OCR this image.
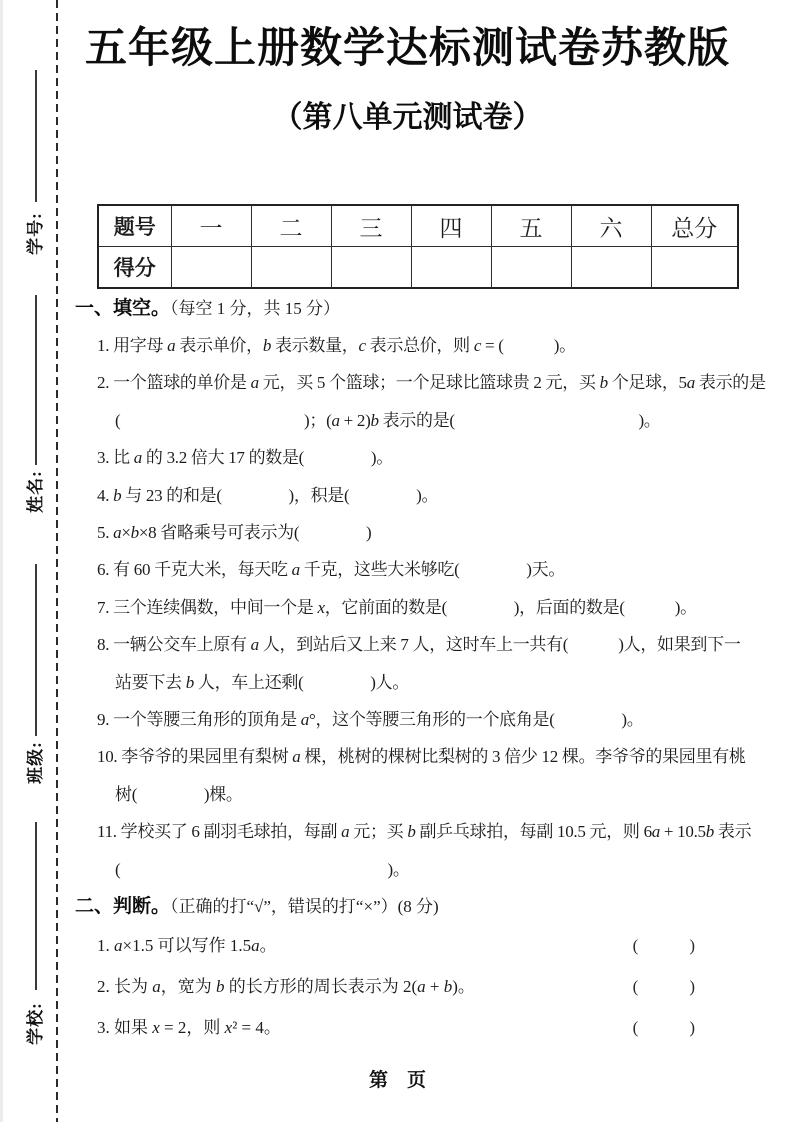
学号:
姓名:
班级:
学校:
五年级上册数学达标测试卷苏教版
（第八单元测试卷）
题号	一	二	三	四	五	六	总分
得分							
一、填空。（每空 1 分，共 15 分）
1. 用字母 a 表示单价，b 表示数量，c 表示总价，则 c = (　　　)。
2. 一个篮球的单价是 a 元，买 5 个篮球；一个足球比篮球贵 2 元，买 b 个足球，5a 表示的是
(　　　　　　　　　　　)；(a + 2)b 表示的是(　　　　　　　　　　　)。
3. 比 a 的 3.2 倍大 17 的数是(　　　　)。
4. b 与 23 的和是(　　　　)，积是(　　　　)。
5. a×b×8 省略乘号可表示为(　　　　)
6. 有 60 千克大米，每天吃 a 千克，这些大米够吃(　　　　)天。
7. 三个连续偶数，中间一个是 x，它前面的数是(　　　　)，后面的数是(　　　)。
8. 一辆公交车上原有 a 人，到站后又上来 7 人，这时车上一共有(　　　)人，如果到下一
站要下去 b 人，车上还剩(　　　　)人。
9. 一个等腰三角形的顶角是 a°，这个等腰三角形的一个底角是(　　　　)。
10. 李爷爷的果园里有梨树 a 棵，桃树的棵树比梨树的 3 倍少 12 棵。李爷爷的果园里有桃
树(　　　　)棵。
11. 学校买了 6 副羽毛球拍，每副 a 元；买 b 副乒乓球拍，每副 10.5 元，则 6a + 10.5b 表示
(　　　　　　　　　　　　　　　　)。
二、判断。（正确的打“√”，错误的打“×”）(8 分)
1. a×1.5 可以写作 1.5a。	(　　　)
2. 长为 a，宽为 b 的长方形的周长表示为 2(a + b)。	(　　　)
3. 如果 x = 2，则 x² = 4。	(　　　)
第　页
